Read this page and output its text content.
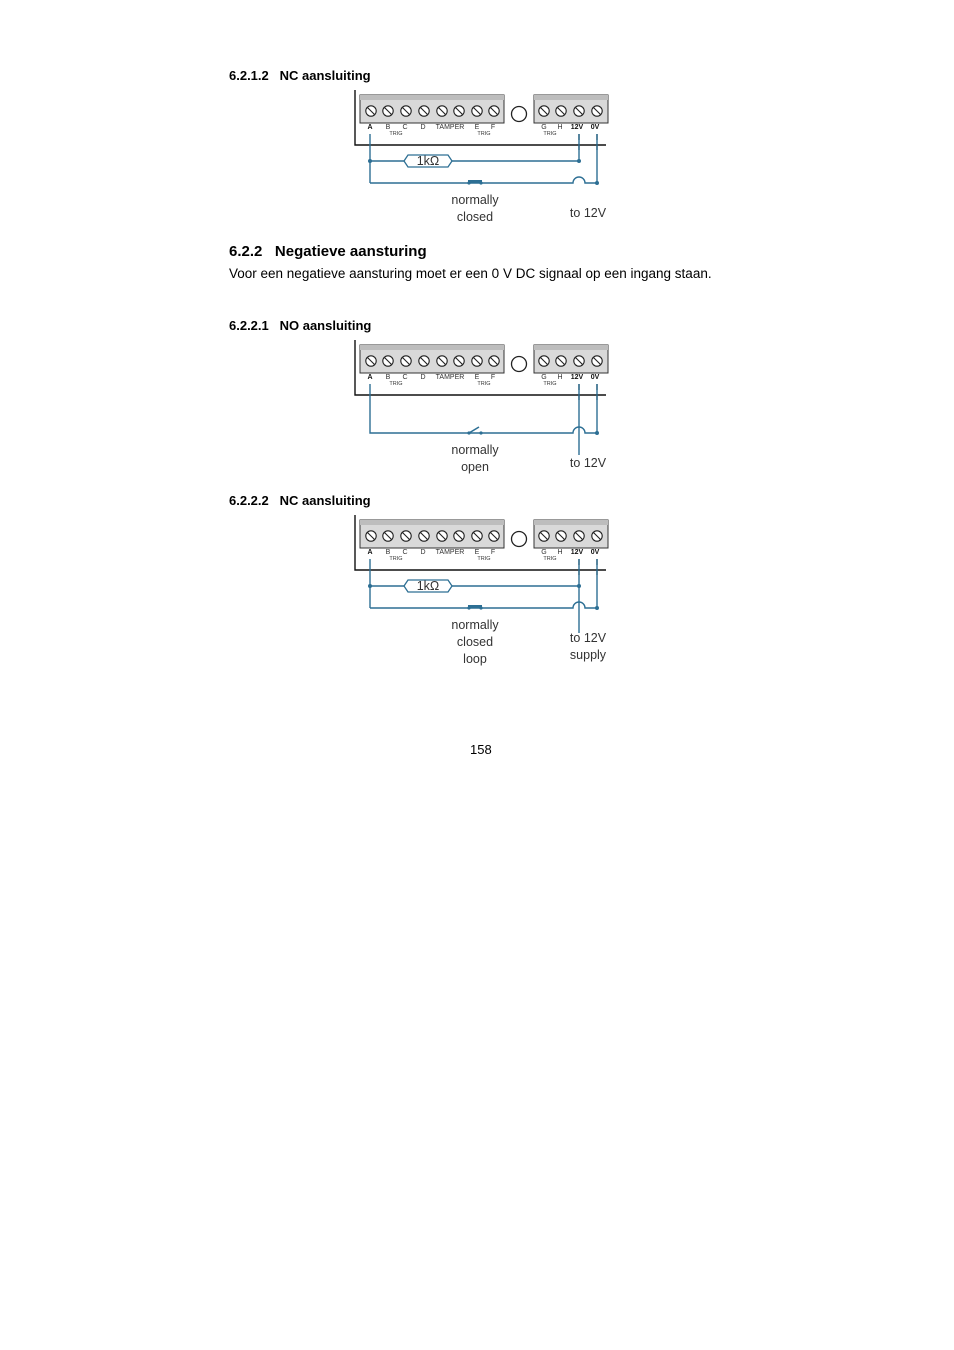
6.2.1.2 NC aansluiting
A B C D TAMPER E F	G H 12V 0V
TRIG	TRIG	TRIG
1kΩ
normally
closed	to 12V
6.2.2 Negatieve aansturing
Voor een negatieve aansturing moet er een 0 V DC signaal op een ingang staan.
6.2.2.1 NO aansluiting
A B C D TAMPER E F	G H 12V 0V
TRIG	TRIG	TRIG
normally
open	to 12V
6.2.2.2 NC aansluiting
A B C D TAMPER E F	G H 12V 0V
TRIG	TRIG	TRIG
1kΩ
normally
closed
loop
to 12V
supply
158
